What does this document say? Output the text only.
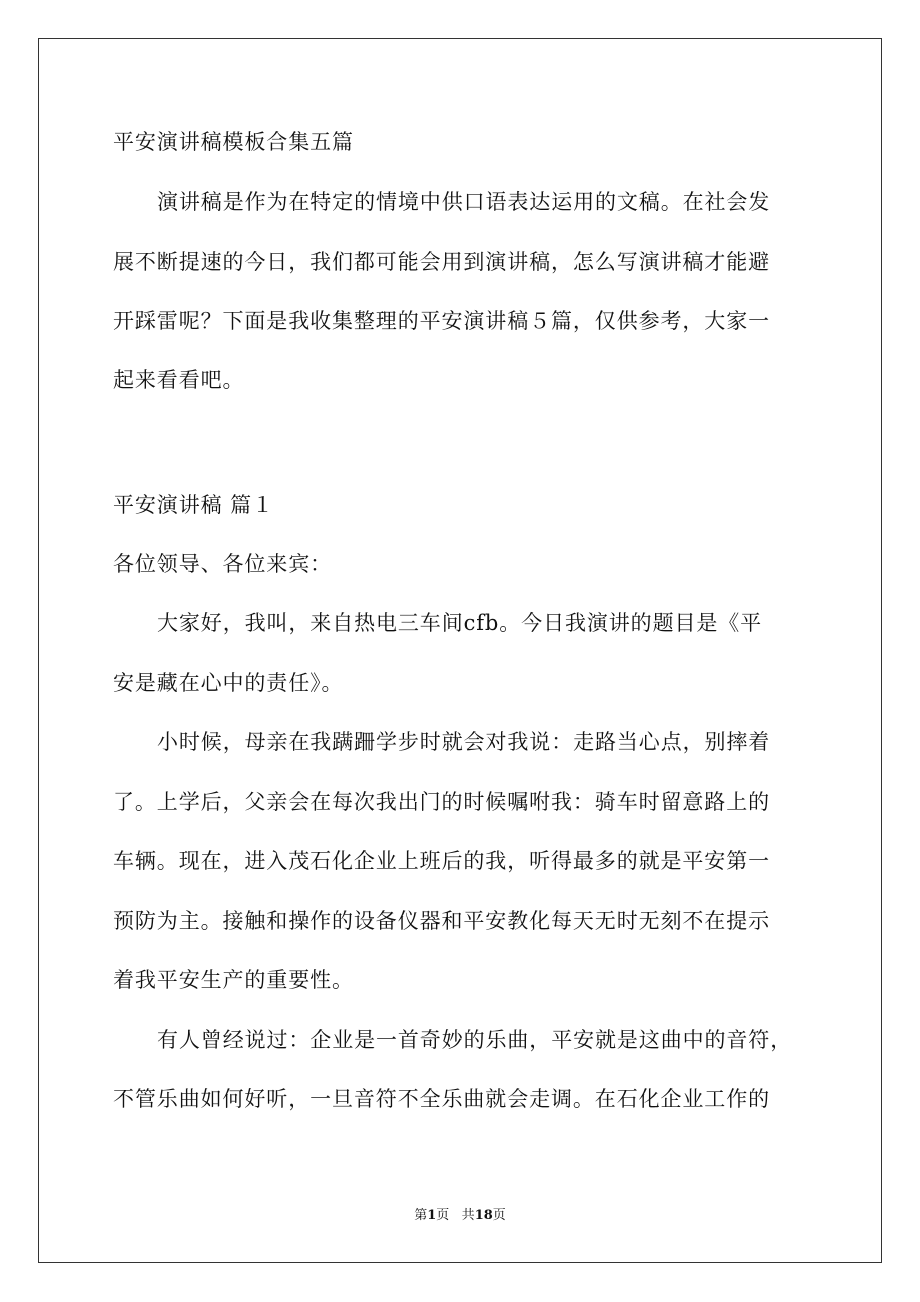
平安演讲稿模板合集五篇
演讲稿是作为在特定的情境中供口语表达运用的文稿。在社会发
展不断提速的今日，我们都可能会用到演讲稿，怎么写演讲稿才能避
开踩雷呢？下面是我收集整理的平安演讲稿５篇，仅供参考，大家一
起来看看吧。
平安演讲稿 篇１
各位领导、各位来宾：
大家好，我叫，来自热电三车间cfb。今日我演讲的题目是《平
安是藏在心中的责任》。
小时候，母亲在我蹒跚学步时就会对我说：走路当心点，别摔着
了。上学后，父亲会在每次我出门的时候嘱咐我：骑车时留意路上的
车辆。现在，进入茂石化企业上班后的我，听得最多的就是平安第一
预防为主。接触和操作的设备仪器和平安教化每天无时无刻不在提示
着我平安生产的重要性。
有人曾经说过：企业是一首奇妙的乐曲，平安就是这曲中的音符，
不管乐曲如何好听，一旦音符不全乐曲就会走调。在石化企业工作的
第1页 共18页
